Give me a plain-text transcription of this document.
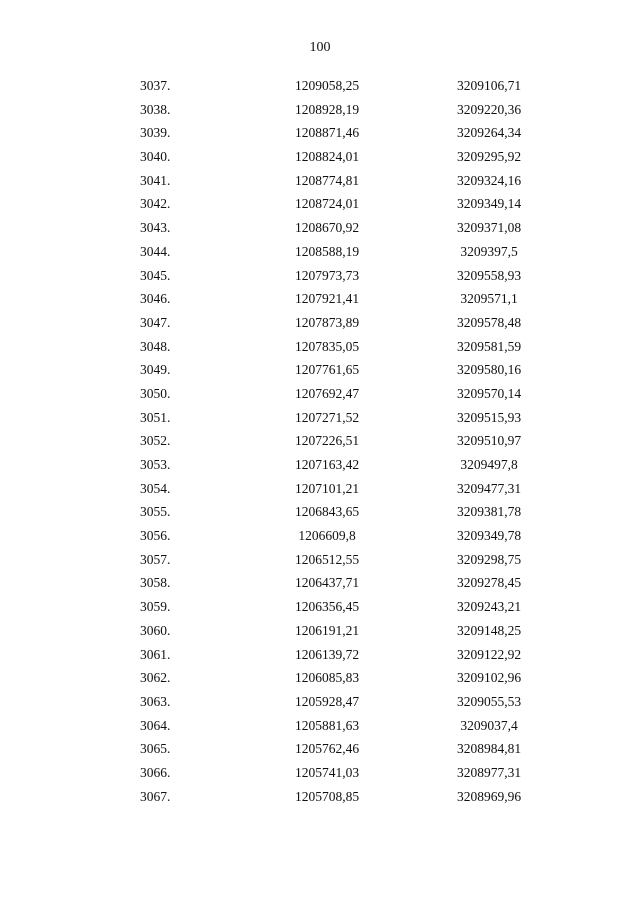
100
3037.	1209058,25	3209106,71
3038.	1208928,19	3209220,36
3039.	1208871,46	3209264,34
3040.	1208824,01	3209295,92
3041.	1208774,81	3209324,16
3042.	1208724,01	3209349,14
3043.	1208670,92	3209371,08
3044.	1208588,19	3209397,5
3045.	1207973,73	3209558,93
3046.	1207921,41	3209571,1
3047.	1207873,89	3209578,48
3048.	1207835,05	3209581,59
3049.	1207761,65	3209580,16
3050.	1207692,47	3209570,14
3051.	1207271,52	3209515,93
3052.	1207226,51	3209510,97
3053.	1207163,42	3209497,8
3054.	1207101,21	3209477,31
3055.	1206843,65	3209381,78
3056.	1206609,8	3209349,78
3057.	1206512,55	3209298,75
3058.	1206437,71	3209278,45
3059.	1206356,45	3209243,21
3060.	1206191,21	3209148,25
3061.	1206139,72	3209122,92
3062.	1206085,83	3209102,96
3063.	1205928,47	3209055,53
3064.	1205881,63	3209037,4
3065.	1205762,46	3208984,81
3066.	1205741,03	3208977,31
3067.	1205708,85	3208969,96
